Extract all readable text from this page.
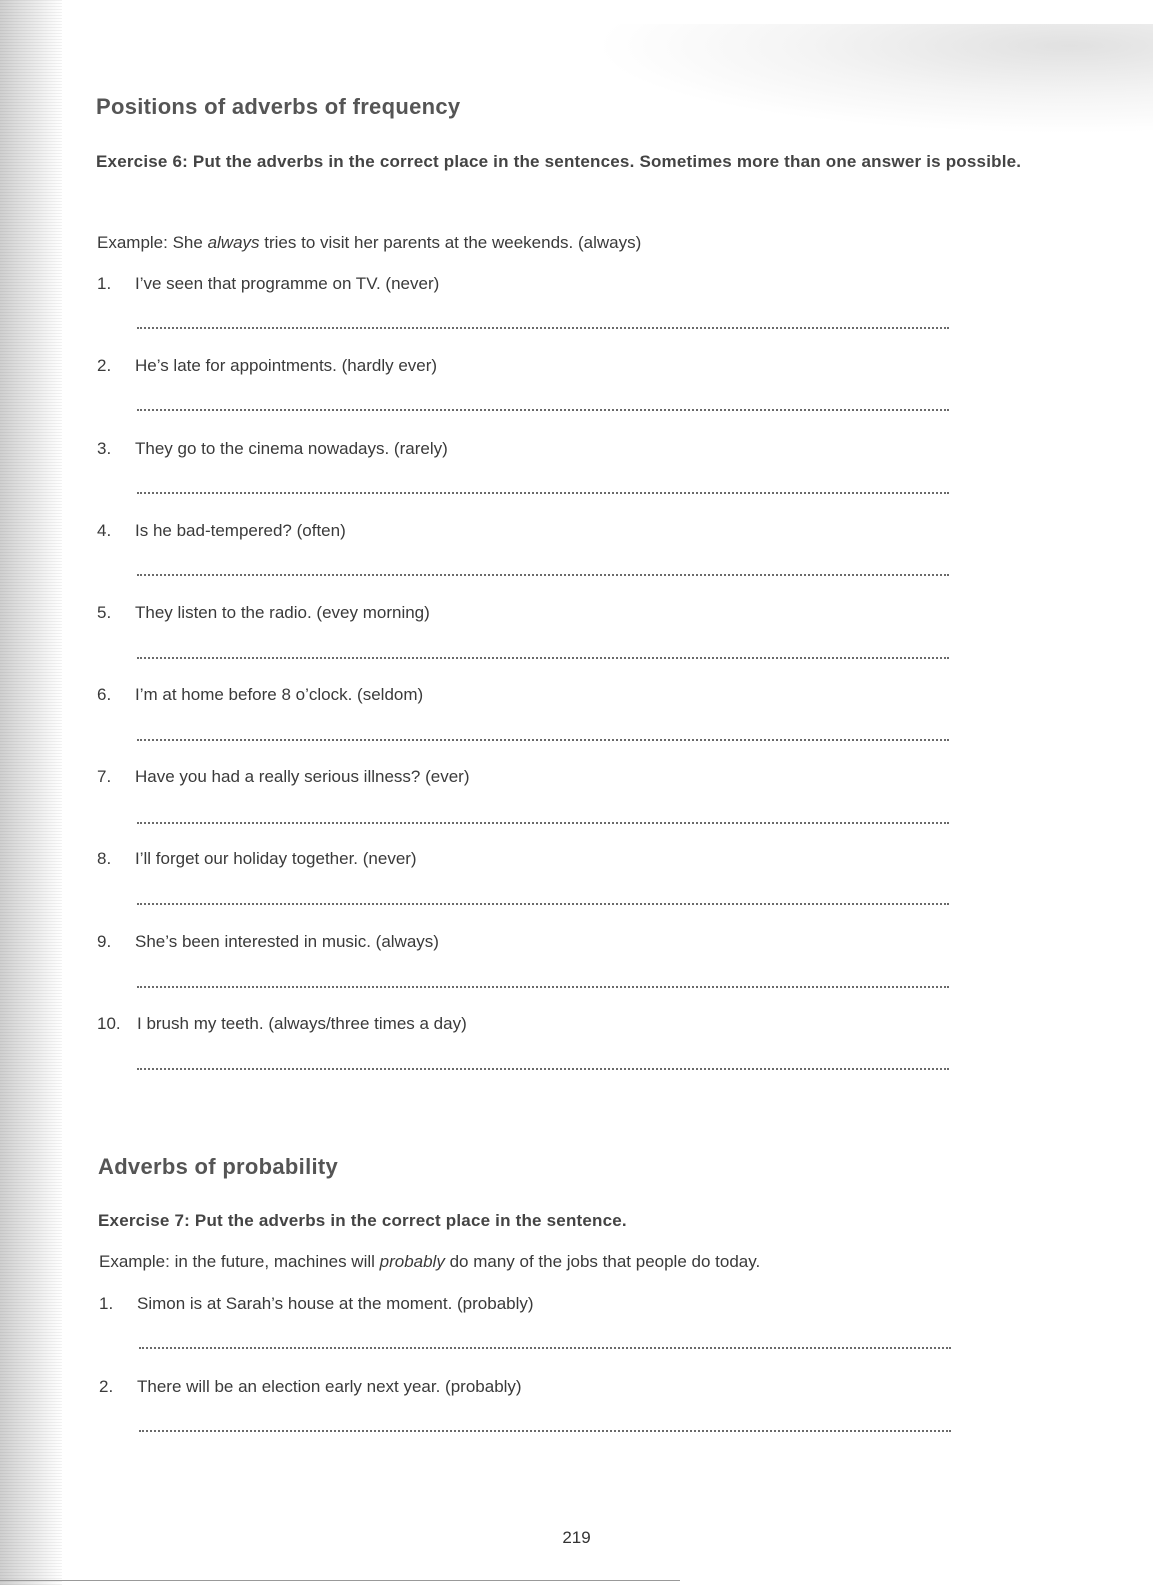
Positions of adverbs of frequency

Exercise 6: Put the adverbs in the correct place in the sentences. Sometimes more than one answer is possible.

Example: She always tries to visit her parents at the weekends. (always)

1. I’ve seen that programme on TV. (never)
2. He’s late for appointments. (hardly ever)
3. They go to the cinema nowadays. (rarely)
4. Is he bad-tempered? (often)
5. They listen to the radio. (evey morning)
6. I’m at home before 8 o’clock. (seldom)
7. Have you had a really serious illness? (ever)
8. I’ll forget our holiday together. (never)
9. She’s been interested in music. (always)
10. I brush my teeth. (always/three times a day)
Adverbs of probability

Exercise 7: Put the adverbs in the correct place in the sentence.

Example: in the future, machines will probably do many of the jobs that people do today.

1. Simon is at Sarah’s house at the moment. (probably)
2. There will be an election early next year. (probably)
219
